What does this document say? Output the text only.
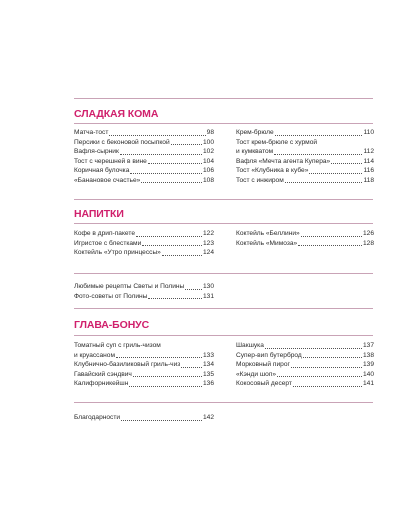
СЛАДКАЯ КОМА
Матча-тост	98
Персики с беконовой посыпкой	100
Вафля-сырник	102
Тост с черешней в вине	104
Коричная булочка	106
«Банановое счастье»	108
Крем-брюле	110
Тост крем-брюле с хурмой
и кумкватом	112
Вафля «Мечта агента Купера»	114
Тост «Клубника в кубе»	116
Тост с инжиром	118
НАПИТКИ
Кофе в дрип-пакете	122
Игристое с блестками	123
Коктейль «Утро принцессы»	124
Коктейль «Беллини»	126
Коктейль «Мимоза»	128
Любимые рецепты Светы и Полины	130
Фото-советы от Полины	131
ГЛАВА-БОНУС
Томатный суп с гриль-чизом
и круассаном	133
Клубнично-базиликовый гриль-чиз	134
Гавайский сэндвич	135
Калифорникейшн	136
Шакшука	137
Супер-вип бутерброд	138
Морковный пирог	139
«Кэнди шоп»	140
Кокосовый десерт	141
Благодарности	142
